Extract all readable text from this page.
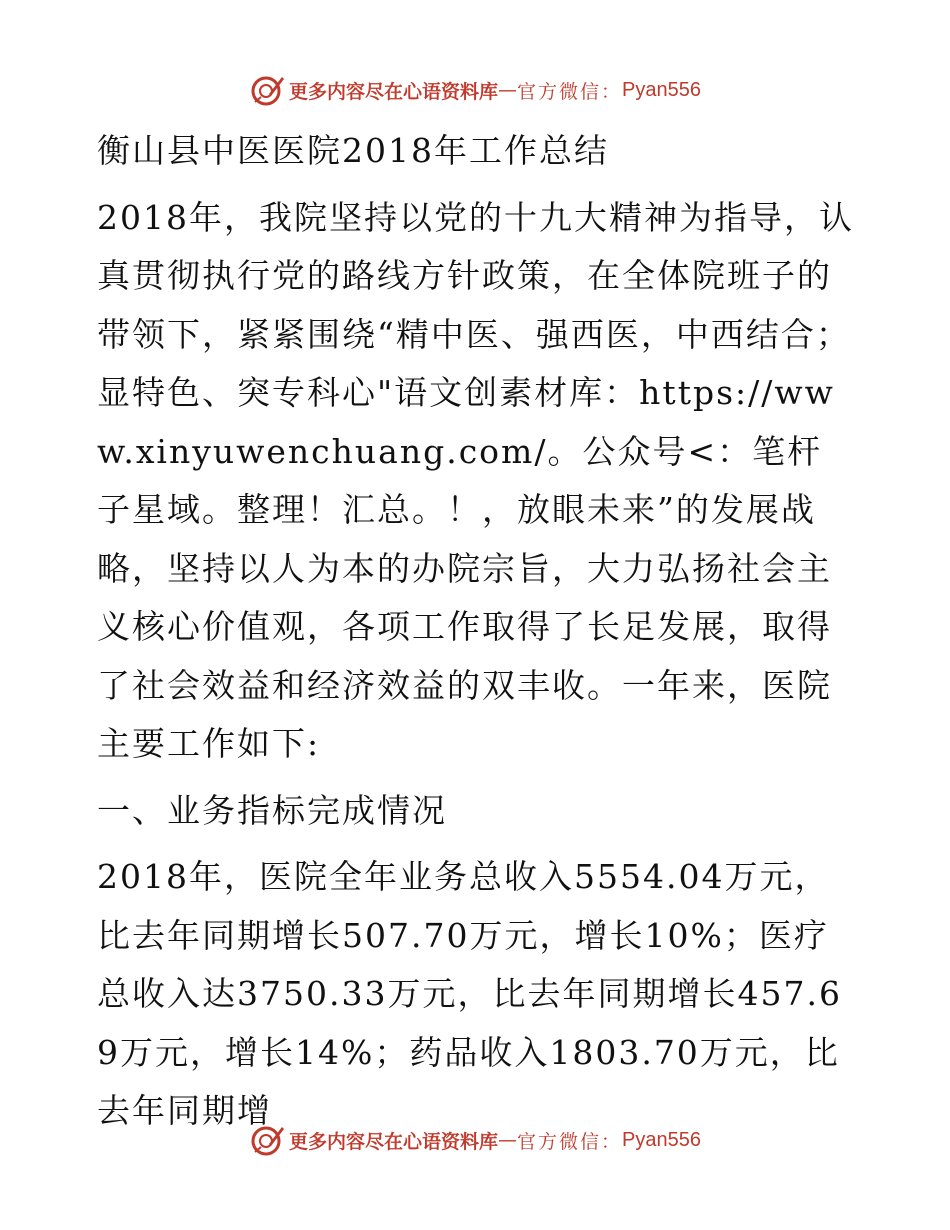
更多内容尽在心语资料库 — 官方微信： Pyan556

衡山县中医医院2018年工作总结

2018年，我院坚持以党的十九大精神为指导，认真贯彻执行党的路线方针政策，在全体院班子的带领下，紧紧围绕“精中医、强西医，中西结合；显特色、突专科心"语文创素材库：https://www.xinyuwenchuang.com/。公众号<：笔杆子星域。整理！汇总。！，放眼未来”的发展战略，坚持以人为本的办院宗旨，大力弘扬社会主义核心价值观，各项工作取得了长足发展，取得了社会效益和经济效益的双丰收。一年来，医院主要工作如下:

一、业务指标完成情况

2018年，医院全年业务总收入5554.04万元，比去年同期增长507.70万元，增长10%；医疗总收入达3750.33万元，比去年同期增长457.69万元，增长14%；药品收入1803.70万元，比去年同期增

更多内容尽在心语资料库 — 官方微信： Pyan556
